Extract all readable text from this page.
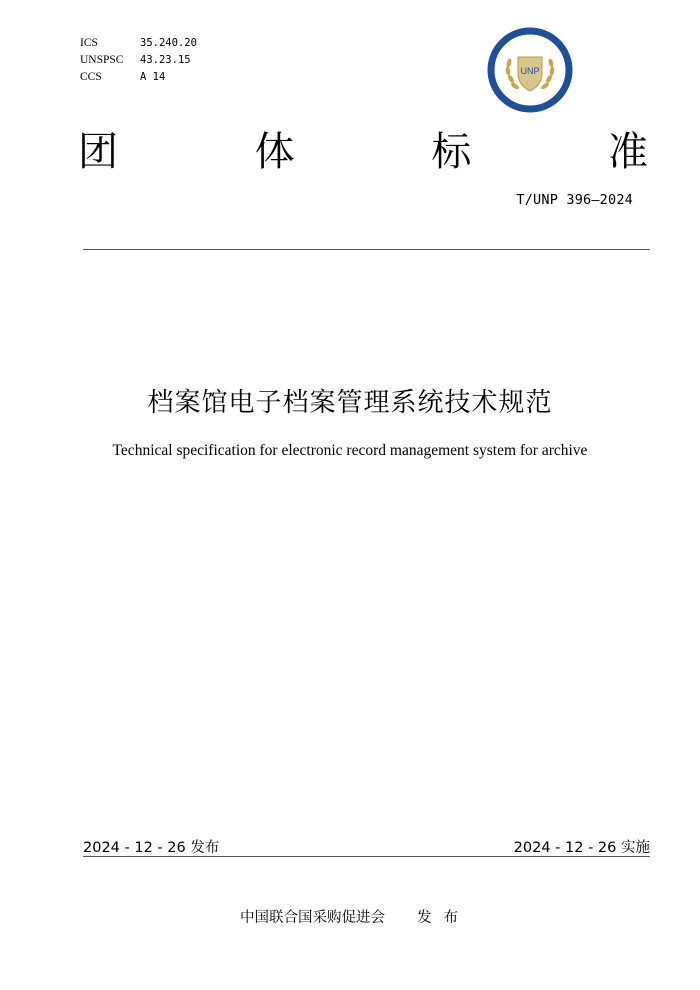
ICS	35.240.20
UNSPSC	43.23.15
CCS	A 14	UNP
团	体	标	准
T/UNP 396—2024
档案馆电子档案管理系统技术规范
Technical specification for electronic record management system for archive
2024 - 12 - 26 发布	2024 - 12 - 26 实施
中国联合国采购促进会 发布
